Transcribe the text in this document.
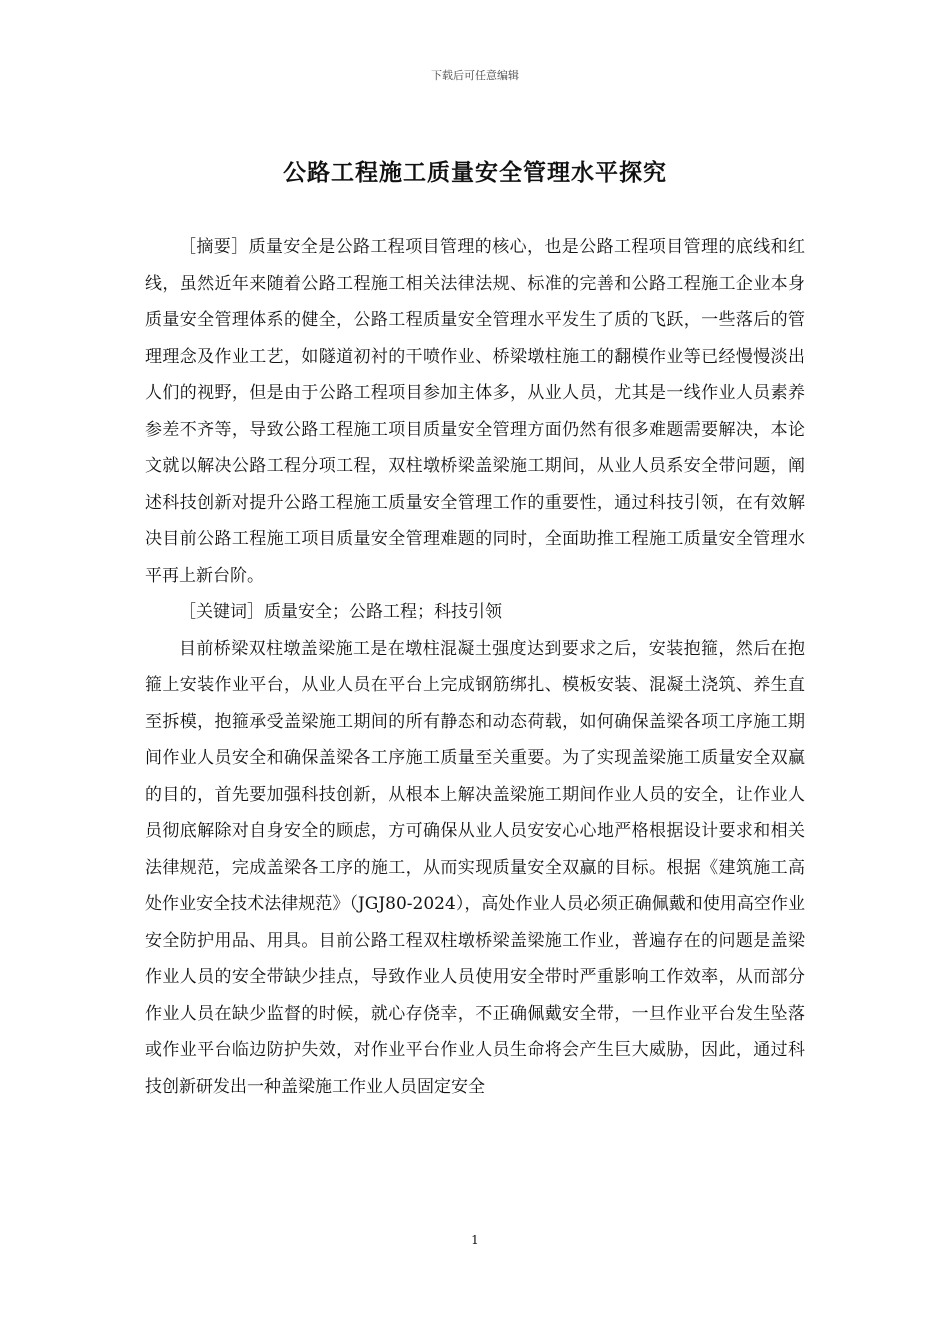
下载后可任意编辑
公路工程施工质量安全管理水平探究

［摘要］质量安全是公路工程项目管理的核心，也是公路工程项目管理的底线和红线，虽然近年来随着公路工程施工相关法律法规、标准的完善和公路工程施工企业本身质量安全管理体系的健全，公路工程质量安全管理水平发生了质的飞跃，一些落后的管理理念及作业工艺，如隧道初衬的干喷作业、桥梁墩柱施工的翻模作业等已经慢慢淡出人们的视野，但是由于公路工程项目参加主体多，从业人员，尤其是一线作业人员素养参差不齐等，导致公路工程施工项目质量安全管理方面仍然有很多难题需要解决，本论文就以解决公路工程分项工程，双柱墩桥梁盖梁施工期间，从业人员系安全带问题，阐述科技创新对提升公路工程施工质量安全管理工作的重要性，通过科技引领，在有效解决目前公路工程施工项目质量安全管理难题的同时，全面助推工程施工质量安全管理水平再上新台阶。

［关键词］质量安全；公路工程；科技引领

目前桥梁双柱墩盖梁施工是在墩柱混凝土强度达到要求之后，安装抱箍，然后在抱箍上安装作业平台，从业人员在平台上完成钢筋绑扎、模板安装、混凝土浇筑、养生直至拆模，抱箍承受盖梁施工期间的所有静态和动态荷载，如何确保盖梁各项工序施工期间作业人员安全和确保盖梁各工序施工质量至关重要。为了实现盖梁施工质量安全双赢的目的，首先要加强科技创新，从根本上解决盖梁施工期间作业人员的安全，让作业人员彻底解除对自身安全的顾虑，方可确保从业人员安安心心地严格根据设计要求和相关法律规范，完成盖梁各工序的施工，从而实现质量安全双赢的目标。根据《建筑施工高处作业安全技术法律规范》（JGJ80-2024），高处作业人员必须正确佩戴和使用高空作业安全防护用品、用具。目前公路工程双柱墩桥梁盖梁施工作业，普遍存在的问题是盖梁作业人员的安全带缺少挂点，导致作业人员使用安全带时严重影响工作效率，从而部分作业人员在缺少监督的时候，就心存侥幸，不正确佩戴安全带，一旦作业平台发生坠落或作业平台临边防护失效，对作业平台作业人员生命将会产生巨大威胁，因此，通过科技创新研发出一种盖梁施工作业人员固定安全

1
